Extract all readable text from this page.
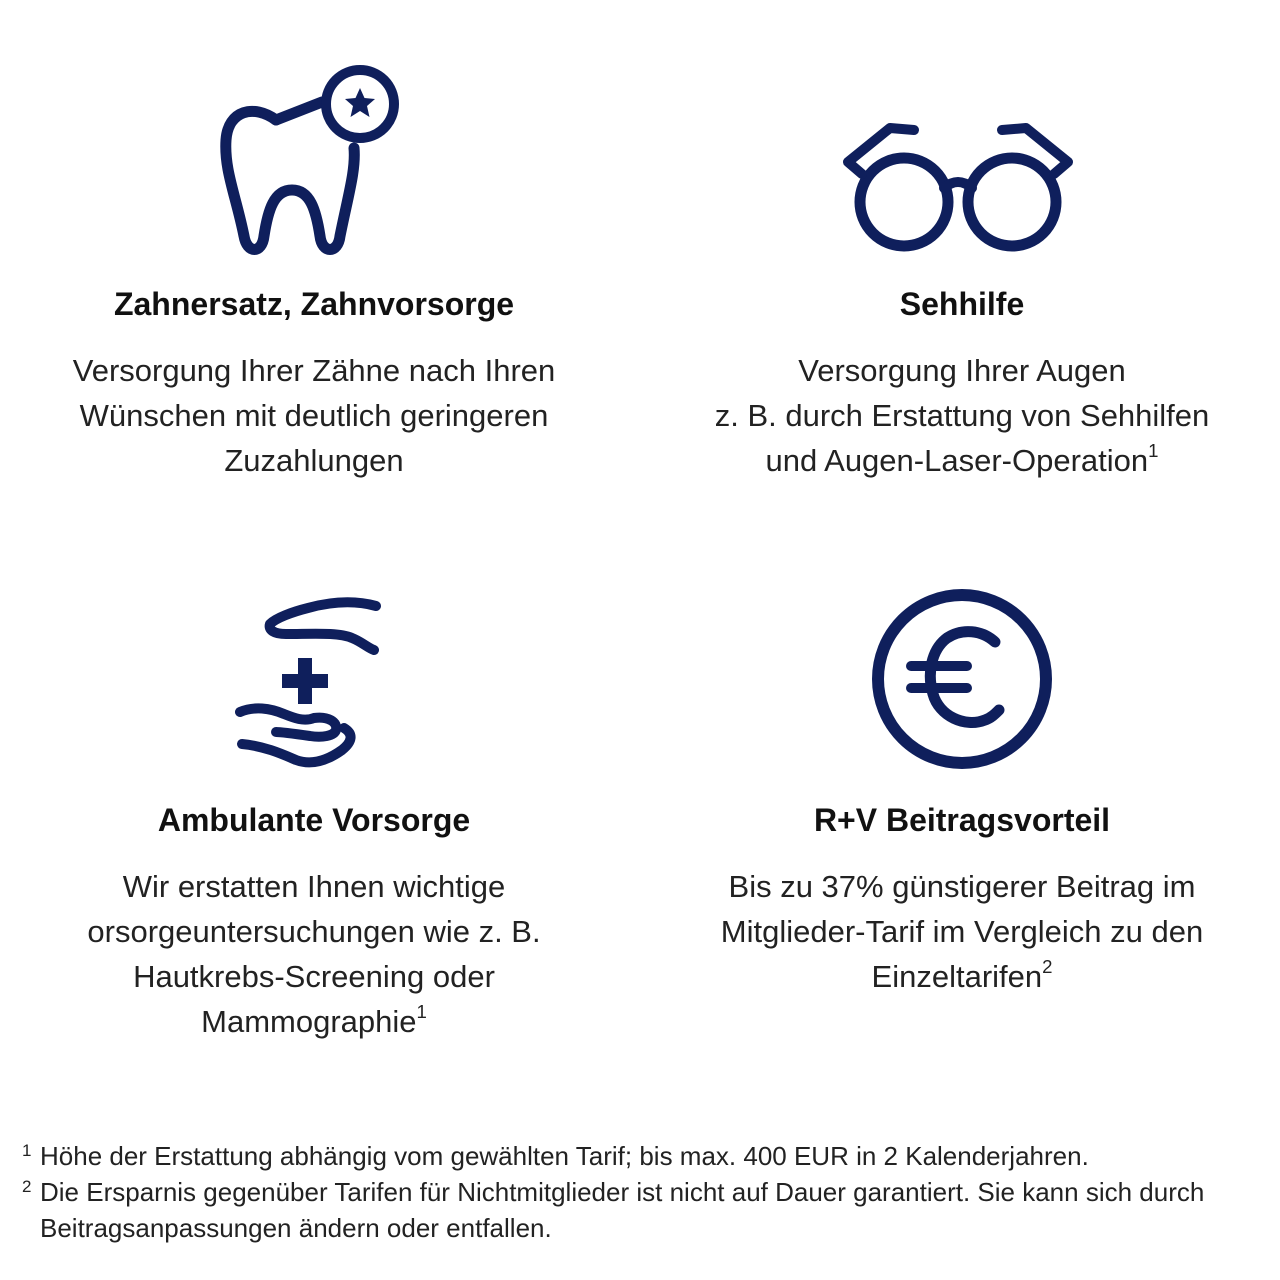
Zahnersatz, Zahnvorsorge
Versorgung Ihrer Zähne nach Ihren
Wünschen mit deutlich geringeren
Zuzahlungen
Sehhilfe
Versorgung Ihrer Augen
z. B. durch Erstattung von Sehhilfen
und Augen-Laser-Operation$^1$
Ambulante Vorsorge
Wir erstatten Ihnen wichtige
orsorgeuntersuchungen wie z. B.
Hautkrebs-Screening oder
Mammographie$^1$
R+V Beitragsvorteil
Bis zu 37% günstigerer Beitrag im
Mitglieder-Tarif im Vergleich zu den
Einzeltarifen$^2$
1 Höhe der Erstattung abhängig vom gewählten Tarif; bis max. 400 EUR in 2 Kalenderjahren.
2 Die Ersparnis gegenüber Tarifen für Nichtmitglieder ist nicht auf Dauer garantiert. Sie kann sich durch Beitragsanpassungen ändern oder entfallen.
